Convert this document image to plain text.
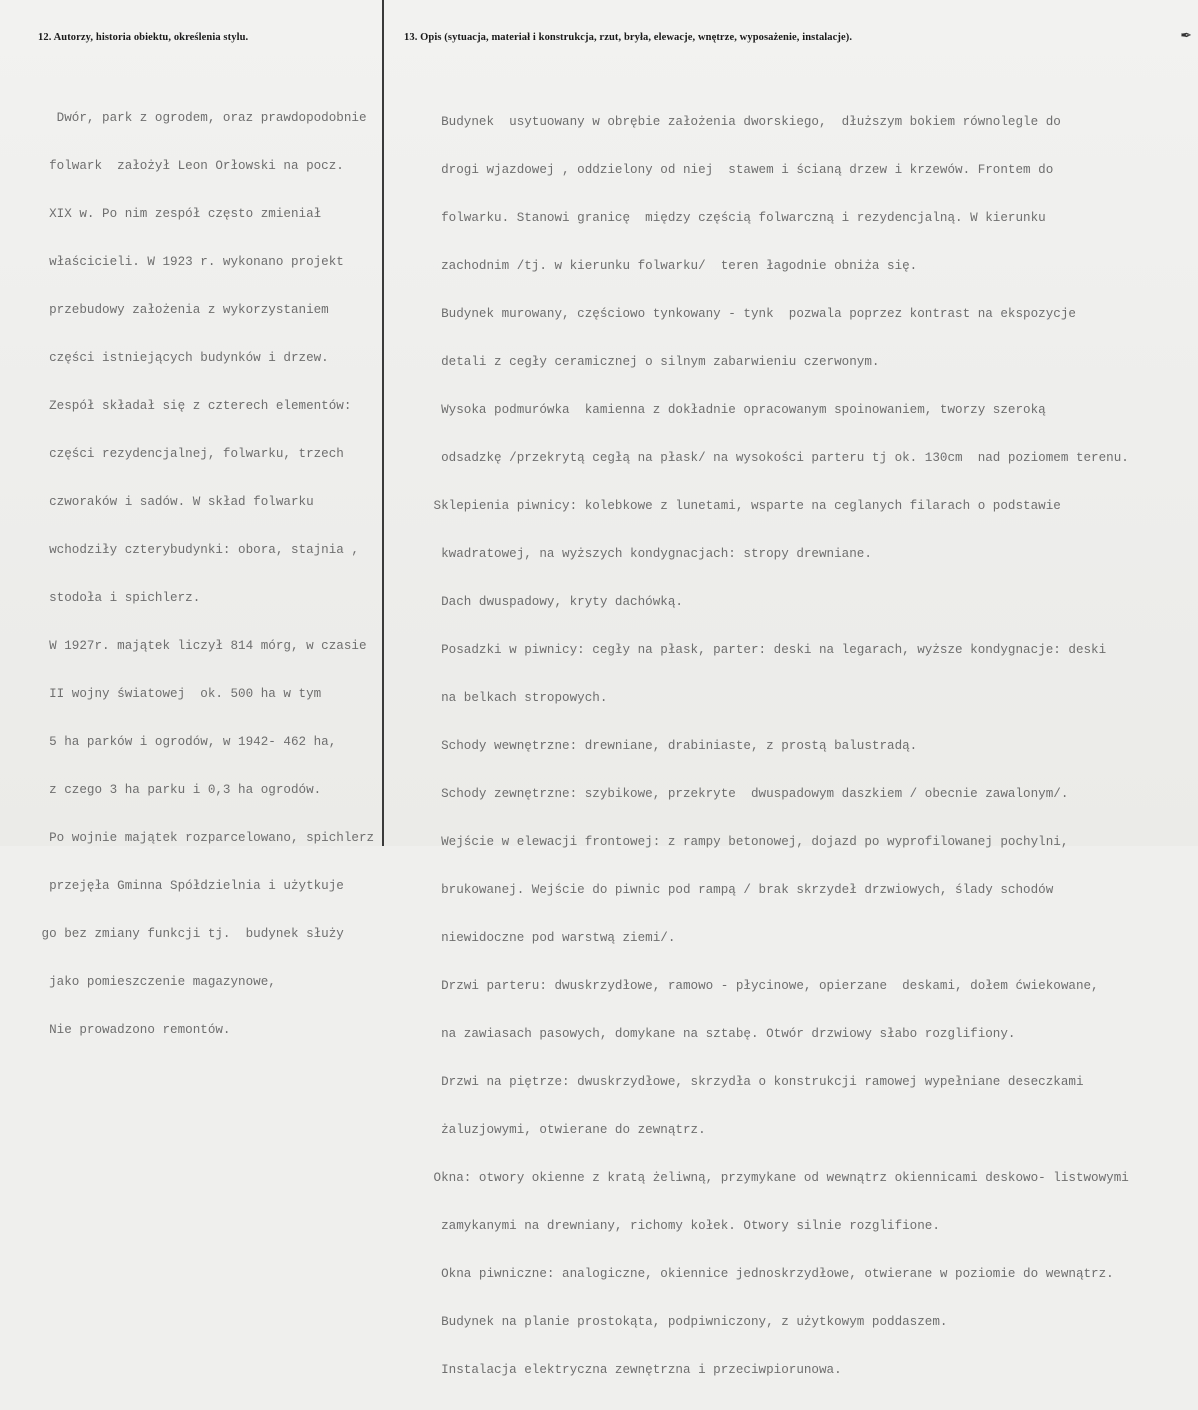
12. Autorzy, historia obiektu, określenia stylu.	13. Opis (sytuacja, materiał i konstrukcja, rzut, bryła, elewacje, wnętrze, wyposażenie, instalacje).	✒

Dwór, park z ogrodem, oraz prawdopodobnie

folwark  założył Leon Orłowski na pocz.

XIX w. Po nim zespół często zmieniał

właścicieli. W 1923 r. wykonano projekt

przebudowy założenia z wykorzystaniem

części istniejących budynków i drzew.

Zespół składał się z czterech elementów:

części rezydencjalnej, folwarku, trzech

czworaków i sadów. W skład folwarku

wchodziły czterybudynki: obora, stajnia ,

stodoła i spichlerz.

W 1927r. majątek liczył 814 mórg, w czasie

II wojny światowej  ok. 500 ha w tym

5 ha parków i ogrodów, w 1942- 462 ha,

z czego 3 ha parku i 0,3 ha ogrodów.

Po wojnie majątek rozparcelowano, spichlerz

przejęła Gminna Spółdzielnia i użytkuje

go bez zmiany funkcji tj.  budynek służy

jako pomieszczenie magazynowe,

Nie prowadzono remontów.

Budynek  usytuowany w obrębie założenia dworskiego,  dłuższym bokiem równolegle do

drogi wjazdowej , oddzielony od niej  stawem i ścianą drzew i krzewów. Frontem do

folwarku. Stanowi granicę  między częścią folwarczną i rezydencjalną. W kierunku

zachodnim /tj. w kierunku folwarku/  teren łagodnie obniża się.

Budynek murowany, częściowo tynkowany - tynk  pozwala poprzez kontrast na ekspozycje

detali z cegły ceramicznej o silnym zabarwieniu czerwonym.

Wysoka podmurówka  kamienna z dokładnie opracowanym spoinowaniem, tworzy szeroką

odsadzkę /przekrytą cegłą na płask/ na wysokości parteru tj ok. 130cm  nad poziomem terenu.

Sklepienia piwnicy: kolebkowe z lunetami, wsparte na ceglanych filarach o podstawie

kwadratowej, na wyższych kondygnacjach: stropy drewniane.

Dach dwuspadowy, kryty dachówką.

Posadzki w piwnicy: cegły na płask, parter: deski na legarach, wyższe kondygnacje: deski

na belkach stropowych.

Schody wewnętrzne: drewniane, drabiniaste, z prostą balustradą.

Schody zewnętrzne: szybikowe, przekryte  dwuspadowym daszkiem / obecnie zawalonym/.

Wejście w elewacji frontowej: z rampy betonowej, dojazd po wyprofilowanej pochylni,

brukowanej. Wejście do piwnic pod rampą / brak skrzydeł drzwiowych, ślady schodów

niewidoczne pod warstwą ziemi/.

Drzwi parteru: dwuskrzydłowe, ramowo - płycinowe, opierzane  deskami, dołem ćwiekowane,

na zawiasach pasowych, domykane na sztabę. Otwór drzwiowy słabo rozglifiony.

Drzwi na piętrze: dwuskrzydłowe, skrzydła o konstrukcji ramowej wypełniane deseczkami

żaluzjowymi, otwierane do zewnątrz.

Okna: otwory okienne z kratą żeliwną, przymykane od wewnątrz okiennicami deskowo- listwowymi

zamykanymi na drewniany, richomy kołek. Otwory silnie rozglifione.

Okna piwniczne: analogiczne, okiennice jednoskrzydłowe, otwierane w poziomie do wewnątrz.

Budynek na planie prostokąta, podpiwniczony, z użytkowym poddaszem.

Instalacja elektryczna zewnętrzna i przeciwpiorunowa.
